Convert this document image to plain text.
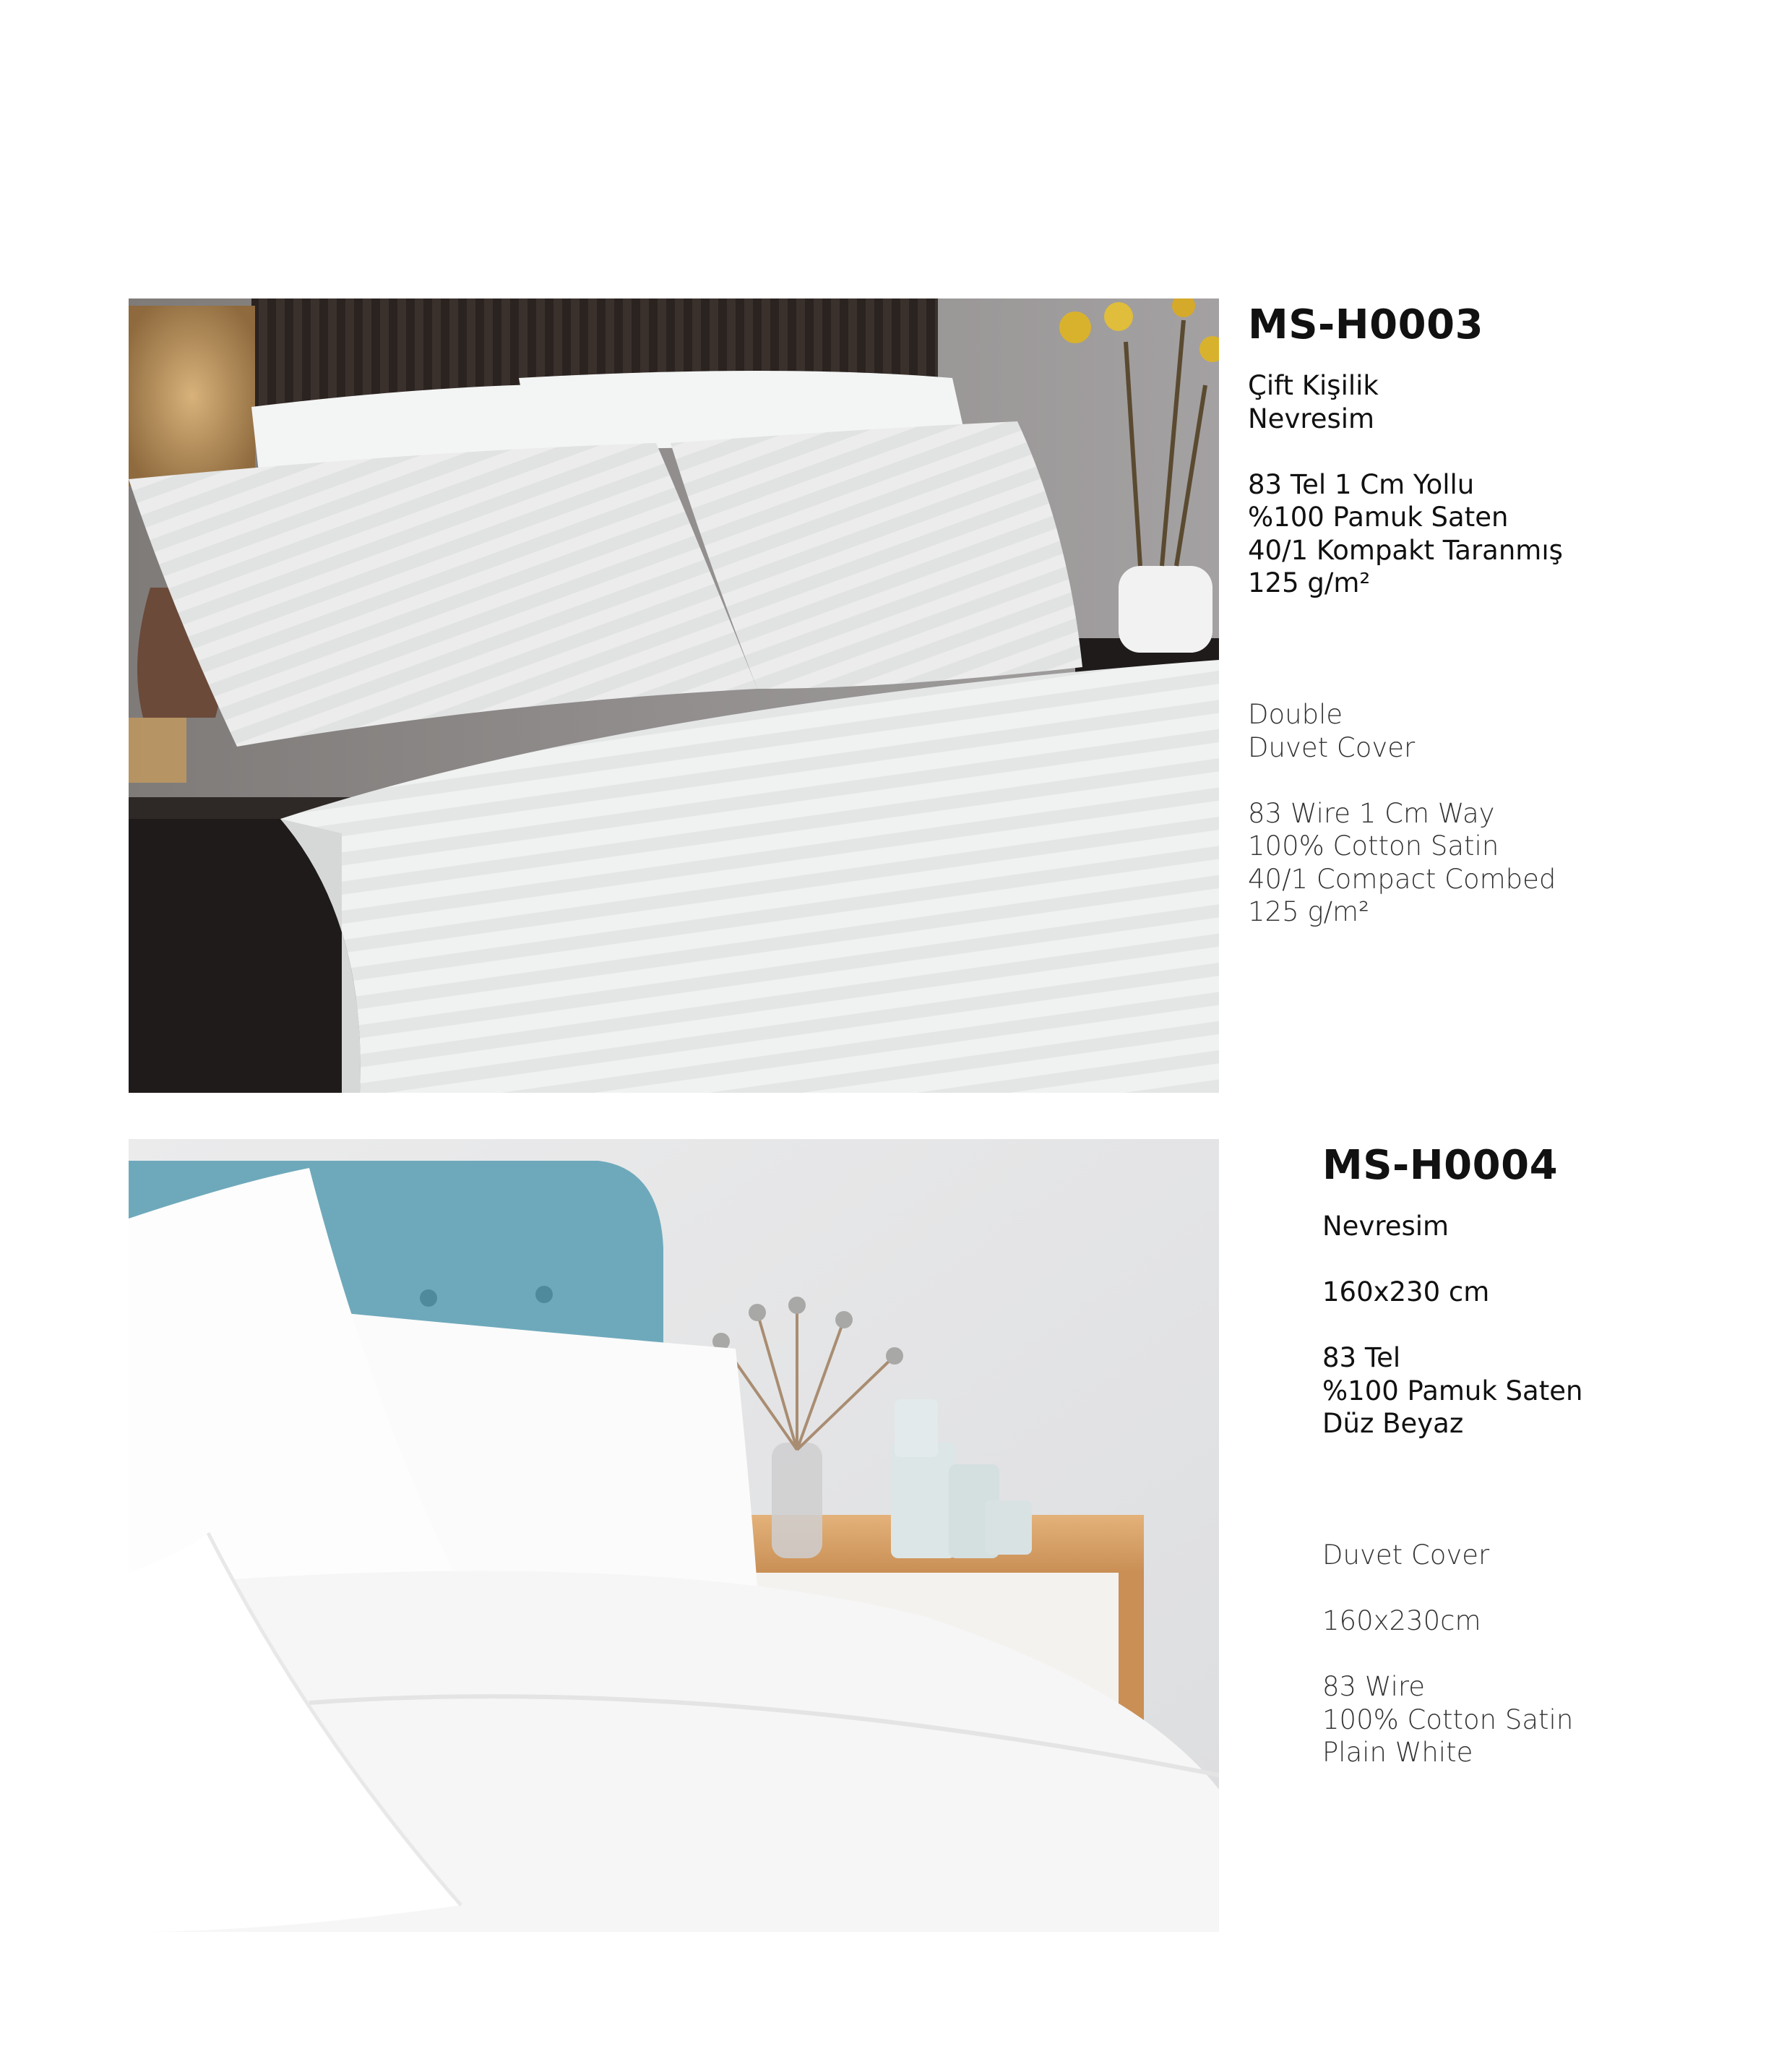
MS-H0003
Çift Kişilik
Nevresim
83 Tel 1 Cm Yollu
%100 Pamuk Saten
40/1 Kompakt Taranmış
125 g/m²
Double
Duvet Cover
83 Wire 1 Cm Way
100% Cotton Satin
40/1 Compact Combed
125 g/m²
MS-H0004
Nevresim
160x230 cm
83 Tel
%100 Pamuk Saten
Düz Beyaz
Duvet Cover
160x230cm
83 Wire
100% Cotton Satin
Plain White
